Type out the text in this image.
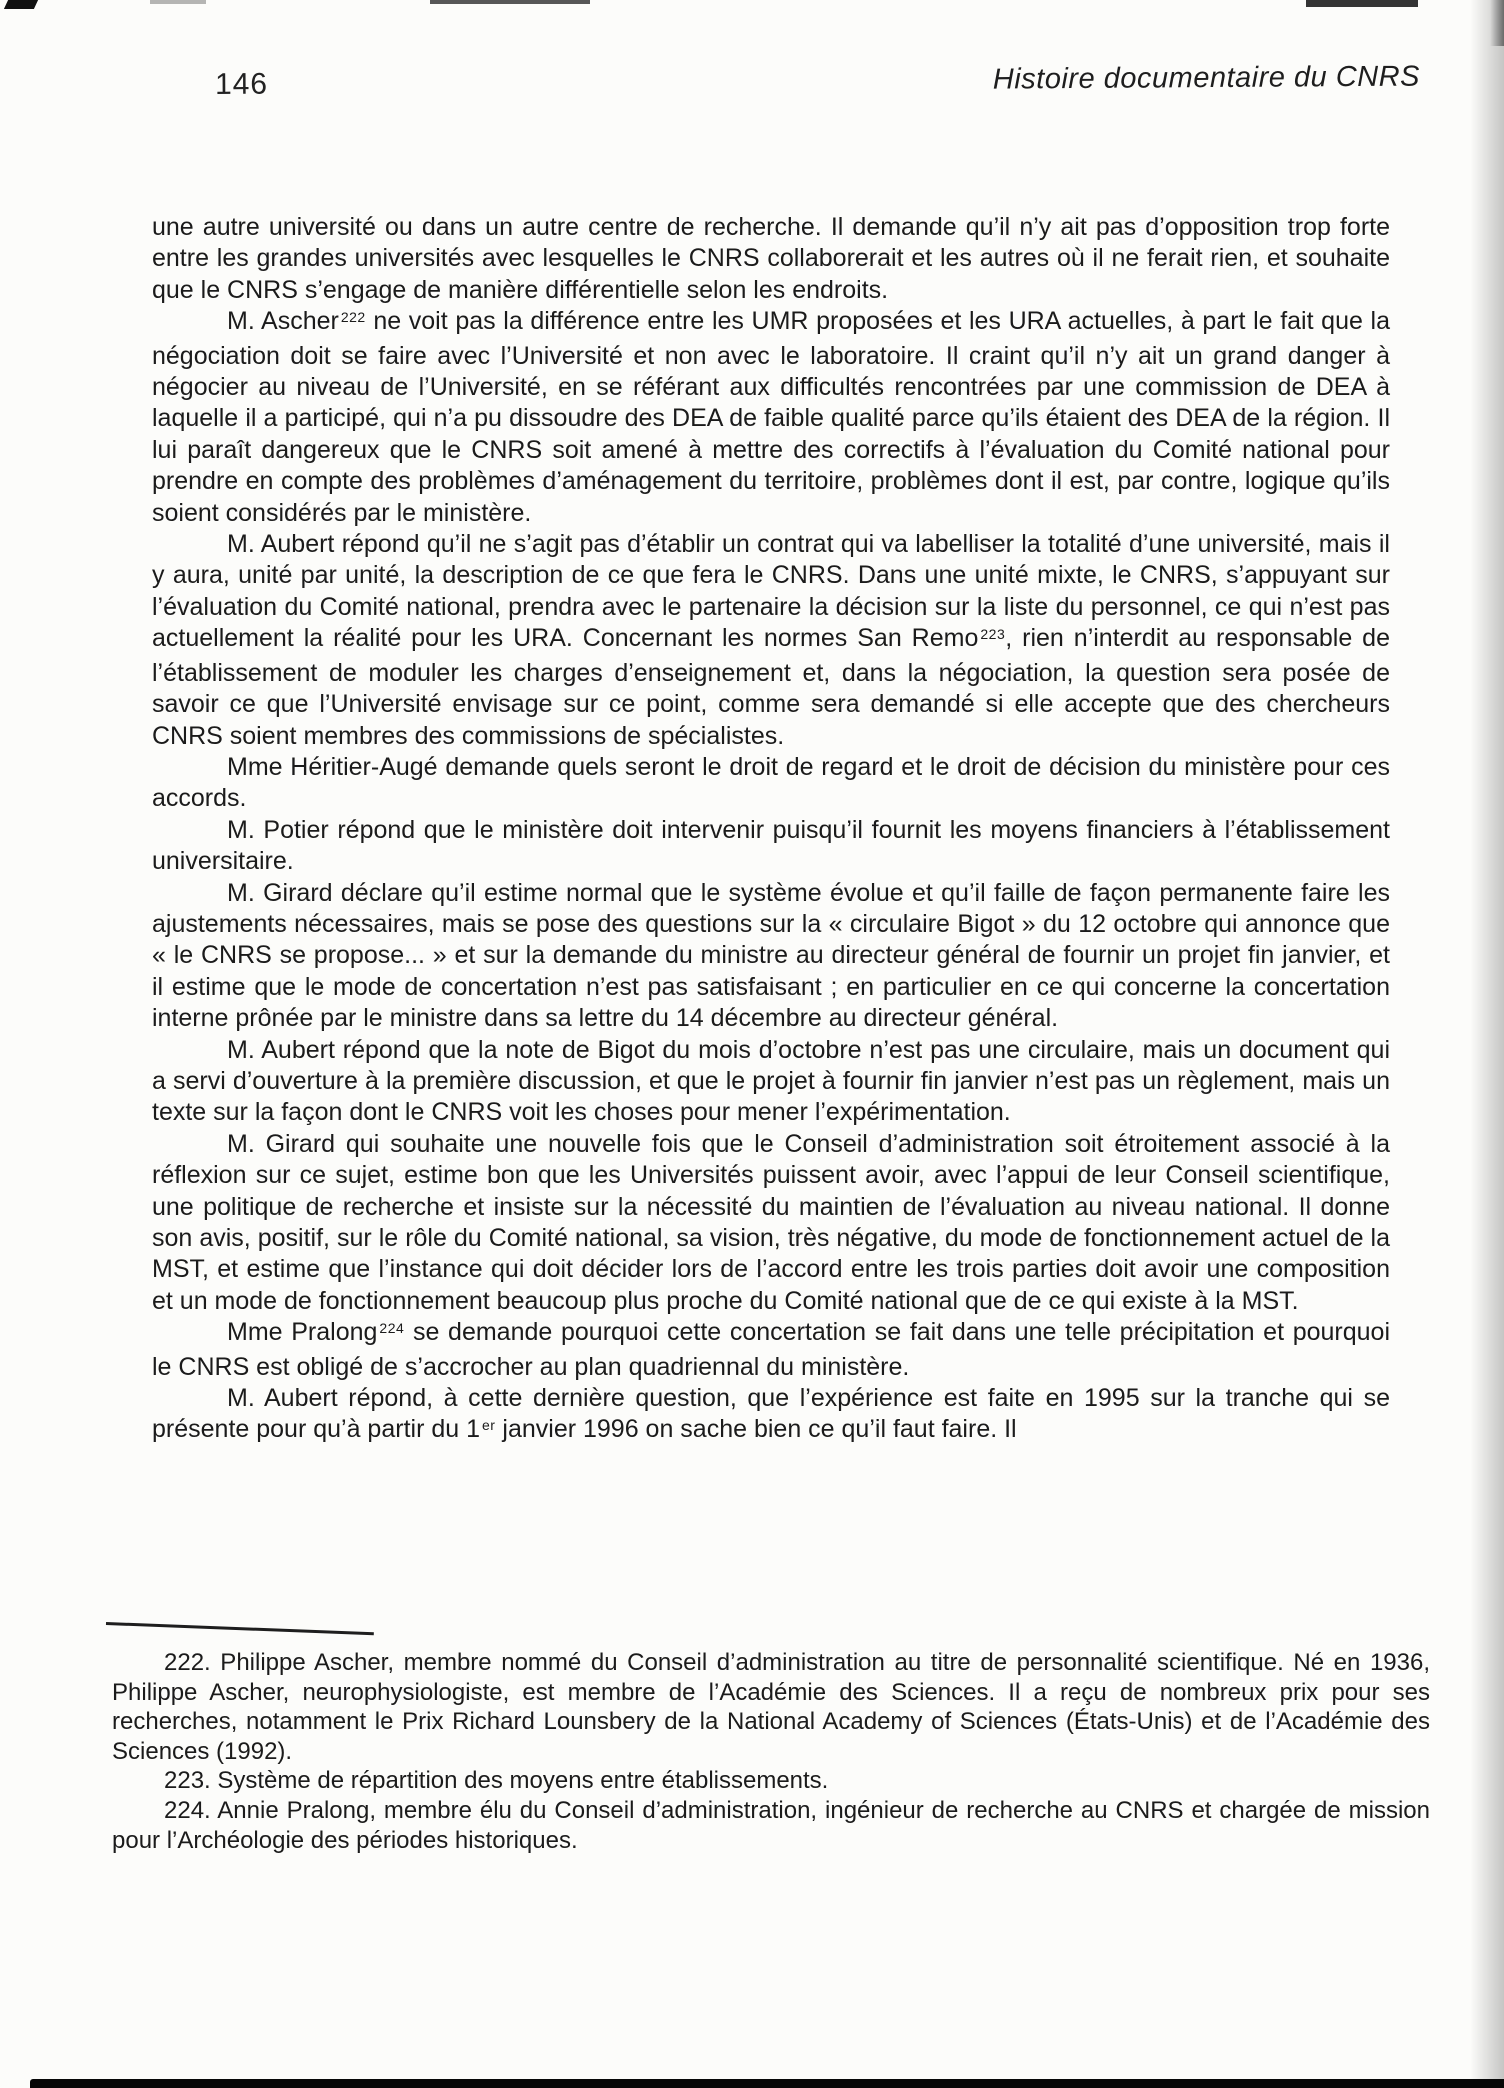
146	Histoire documentaire du CNRS

une autre université ou dans un autre centre de recherche. Il demande qu’il n’y ait pas d’opposition trop forte entre les grandes universités avec lesquelles le CNRS collaborerait et les autres où il ne ferait rien, et souhaite que le CNRS s’engage de manière différentielle selon les endroits.

M. Ascher $^{222}$ ne voit pas la différence entre les UMR proposées et les URA actuelles, à part le fait que la négociation doit se faire avec l’Université et non avec le laboratoire. Il craint qu’il n’y ait un grand danger à négocier au niveau de l’Université, en se référant aux difficultés rencontrées par une commission de DEA à laquelle il a participé, qui n’a pu dissoudre des DEA de faible qualité parce qu’ils étaient des DEA de la région. Il lui paraît dangereux que le CNRS soit amené à mettre des correctifs à l’évaluation du Comité national pour prendre en compte des problèmes d’aménagement du territoire, problèmes dont il est, par contre, logique qu’ils soient considérés par le ministère.

M. Aubert répond qu’il ne s’agit pas d’établir un contrat qui va labelliser la totalité d’une université, mais il y aura, unité par unité, la description de ce que fera le CNRS. Dans une unité mixte, le CNRS, s’appuyant sur l’évaluation du Comité national, prendra avec le partenaire la décision sur la liste du personnel, ce qui n’est pas actuellement la réalité pour les URA. Concernant les normes San Remo $^{223}$, rien n’interdit au responsable de l’établissement de moduler les charges d’enseignement et, dans la négociation, la question sera posée de savoir ce que l’Université envisage sur ce point, comme sera demandé si elle accepte que des chercheurs CNRS soient membres des commissions de spécialistes.

Mme Héritier-Augé demande quels seront le droit de regard et le droit de décision du ministère pour ces accords.

M. Potier répond que le ministère doit intervenir puisqu’il fournit les moyens financiers à l’établissement universitaire.

M. Girard déclare qu’il estime normal que le système évolue et qu’il faille de façon permanente faire les ajustements nécessaires, mais se pose des questions sur la « circulaire Bigot » du 12 octobre qui annonce que « le CNRS se propose... » et sur la demande du ministre au directeur général de fournir un projet fin janvier, et il estime que le mode de concertation n’est pas satisfaisant ; en particulier en ce qui concerne la concertation interne prônée par le ministre dans sa lettre du 14 décembre au directeur général.

M. Aubert répond que la note de Bigot du mois d’octobre n’est pas une circulaire, mais un document qui a servi d’ouverture à la première discussion, et que le projet à fournir fin janvier n’est pas un règlement, mais un texte sur la façon dont le CNRS voit les choses pour mener l’expérimentation.

M. Girard qui souhaite une nouvelle fois que le Conseil d’administration soit étroitement associé à la réflexion sur ce sujet, estime bon que les Universités puissent avoir, avec l’appui de leur Conseil scientifique, une politique de recherche et insiste sur la nécessité du maintien de l’évaluation au niveau national. Il donne son avis, positif, sur le rôle du Comité national, sa vision, très négative, du mode de fonctionnement actuel de la MST, et estime que l’instance qui doit décider lors de l’accord entre les trois parties doit avoir une composition et un mode de fonctionnement beaucoup plus proche du Comité national que de ce qui existe à la MST.

Mme Pralong $^{224}$ se demande pourquoi cette concertation se fait dans une telle précipitation et pourquoi le CNRS est obligé de s’accrocher au plan quadriennal du ministère.

M. Aubert répond, à cette dernière question, que l’expérience est faite en 1995 sur la tranche qui se présente pour qu’à partir du 1 $^{er}$ janvier 1996 on sache bien ce qu’il faut faire. Il

222. Philippe Ascher, membre nommé du Conseil d’administration au titre de personnalité scientifique. Né en 1936, Philippe Ascher, neurophysiologiste, est membre de l’Académie des Sciences. Il a reçu de nombreux prix pour ses recherches, notamment le Prix Richard Lounsbery de la National Academy of Sciences (États-Unis) et de l’Académie des Sciences (1992).

223. Système de répartition des moyens entre établissements.

224. Annie Pralong, membre élu du Conseil d’administration, ingénieur de recherche au CNRS et chargée de mission pour l’Archéologie des périodes historiques.
